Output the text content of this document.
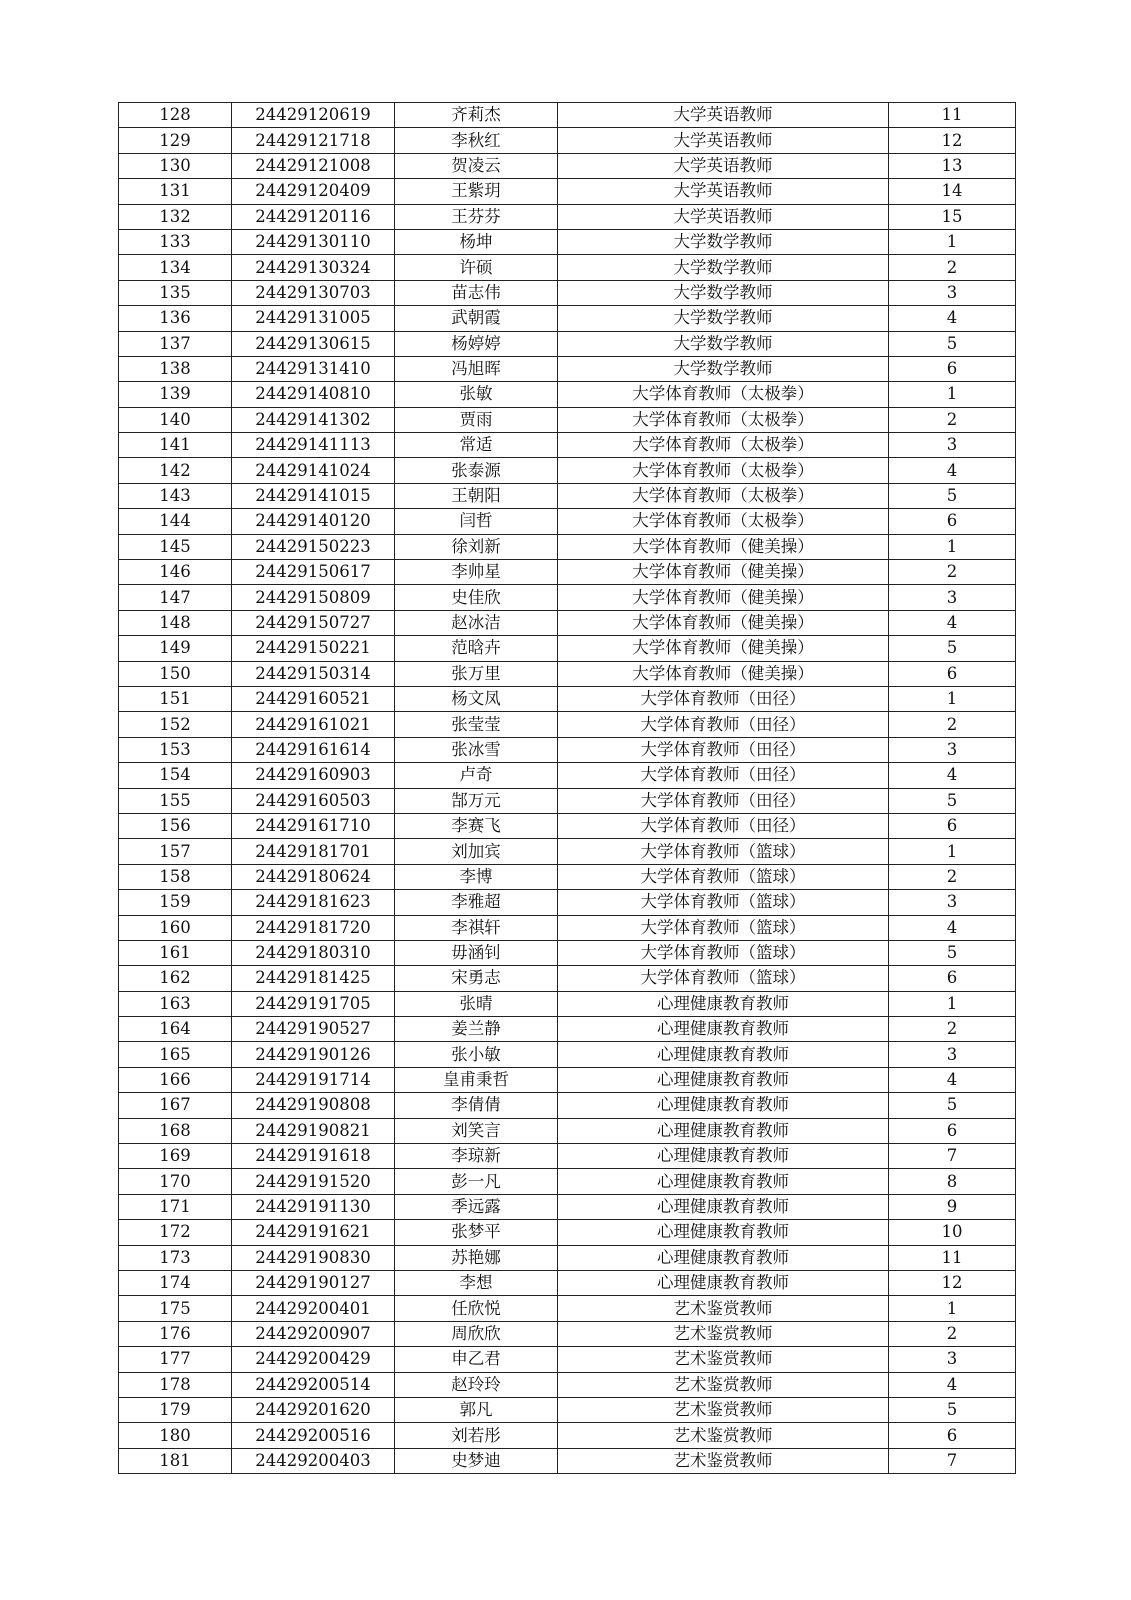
128	24429120619	齐莉杰	大学英语教师	11
129	24429121718	李秋红	大学英语教师	12
130	24429121008	贺凌云	大学英语教师	13
131	24429120409	王紫玥	大学英语教师	14
132	24429120116	王芬芬	大学英语教师	15
133	24429130110	杨坤	大学数学教师	1
134	24429130324	许硕	大学数学教师	2
135	24429130703	苗志伟	大学数学教师	3
136	24429131005	武朝霞	大学数学教师	4
137	24429130615	杨婷婷	大学数学教师	5
138	24429131410	冯旭晖	大学数学教师	6
139	24429140810	张敏	大学体育教师（太极拳）	1
140	24429141302	贾雨	大学体育教师（太极拳）	2
141	24429141113	常适	大学体育教师（太极拳）	3
142	24429141024	张泰源	大学体育教师（太极拳）	4
143	24429141015	王朝阳	大学体育教师（太极拳）	5
144	24429140120	闫哲	大学体育教师（太极拳）	6
145	24429150223	徐刘新	大学体育教师（健美操）	1
146	24429150617	李帅星	大学体育教师（健美操）	2
147	24429150809	史佳欣	大学体育教师（健美操）	3
148	24429150727	赵冰洁	大学体育教师（健美操）	4
149	24429150221	范晗卉	大学体育教师（健美操）	5
150	24429150314	张万里	大学体育教师（健美操）	6
151	24429160521	杨文凤	大学体育教师（田径）	1
152	24429161021	张莹莹	大学体育教师（田径）	2
153	24429161614	张冰雪	大学体育教师（田径）	3
154	24429160903	卢奇	大学体育教师（田径）	4
155	24429160503	郜万元	大学体育教师（田径）	5
156	24429161710	李赛飞	大学体育教师（田径）	6
157	24429181701	刘加宾	大学体育教师（篮球）	1
158	24429180624	李博	大学体育教师（篮球）	2
159	24429181623	李雅超	大学体育教师（篮球）	3
160	24429181720	李祺轩	大学体育教师（篮球）	4
161	24429180310	毋涵钊	大学体育教师（篮球）	5
162	24429181425	宋勇志	大学体育教师（篮球）	6
163	24429191705	张晴	心理健康教育教师	1
164	24429190527	姜兰静	心理健康教育教师	2
165	24429190126	张小敏	心理健康教育教师	3
166	24429191714	皇甫秉哲	心理健康教育教师	4
167	24429190808	李倩倩	心理健康教育教师	5
168	24429190821	刘笑言	心理健康教育教师	6
169	24429191618	李琼新	心理健康教育教师	7
170	24429191520	彭一凡	心理健康教育教师	8
171	24429191130	季远露	心理健康教育教师	9
172	24429191621	张梦平	心理健康教育教师	10
173	24429190830	苏艳娜	心理健康教育教师	11
174	24429190127	李想	心理健康教育教师	12
175	24429200401	任欣悦	艺术鉴赏教师	1
176	24429200907	周欣欣	艺术鉴赏教师	2
177	24429200429	申乙君	艺术鉴赏教师	3
178	24429200514	赵玲玲	艺术鉴赏教师	4
179	24429201620	郭凡	艺术鉴赏教师	5
180	24429200516	刘若彤	艺术鉴赏教师	6
181	24429200403	史梦迪	艺术鉴赏教师	7
